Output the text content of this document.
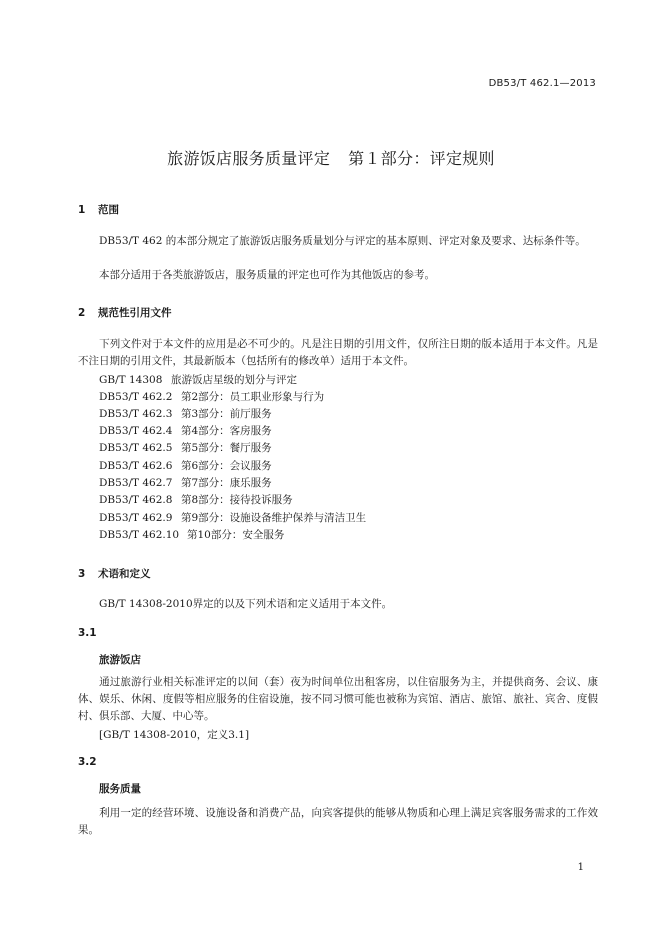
DB53/T 462.1—2013
旅游饭店服务质量评定 第１部分：评定规则
1 范围
DB53/T 462 的本部分规定了旅游饭店服务质量划分与评定的基本原则、评定对象及要求、达标条件等。
本部分适用于各类旅游饭店，服务质量的评定也可作为其他饭店的参考。
2 规范性引用文件
下列文件对于本文件的应用是必不可少的。凡是注日期的引用文件，仅所注日期的版本适用于本文件。凡是不注日期的引用文件，其最新版本（包括所有的修改单）适用于本文件。
GB/T 14308 旅游饭店星级的划分与评定
DB53/T 462.2 第2部分：员工职业形象与行为
DB53/T 462.3 第3部分：前厅服务
DB53/T 462.4 第4部分：客房服务
DB53/T 462.5 第5部分：餐厅服务
DB53/T 462.6 第6部分：会议服务
DB53/T 462.7 第7部分：康乐服务
DB53/T 462.8 第8部分：接待投诉服务
DB53/T 462.9 第9部分：设施设备维护保养与清洁卫生
DB53/T 462.10 第10部分：安全服务
3 术语和定义
GB/T 14308-2010界定的以及下列术语和定义适用于本文件。
3.1
旅游饭店
通过旅游行业相关标准评定的以间（套）夜为时间单位出租客房，以住宿服务为主，并提供商务、会议、康体、娱乐、休闲、度假等相应服务的住宿设施，按不同习惯可能也被称为宾馆、酒店、旅馆、旅社、宾舍、度假村、俱乐部、大厦、中心等。
[GB/T 14308-2010，定义3.1]
3.2
服务质量
利用一定的经营环境、设施设备和消费产品，向宾客提供的能够从物质和心理上满足宾客服务需求的工作效果。
1
